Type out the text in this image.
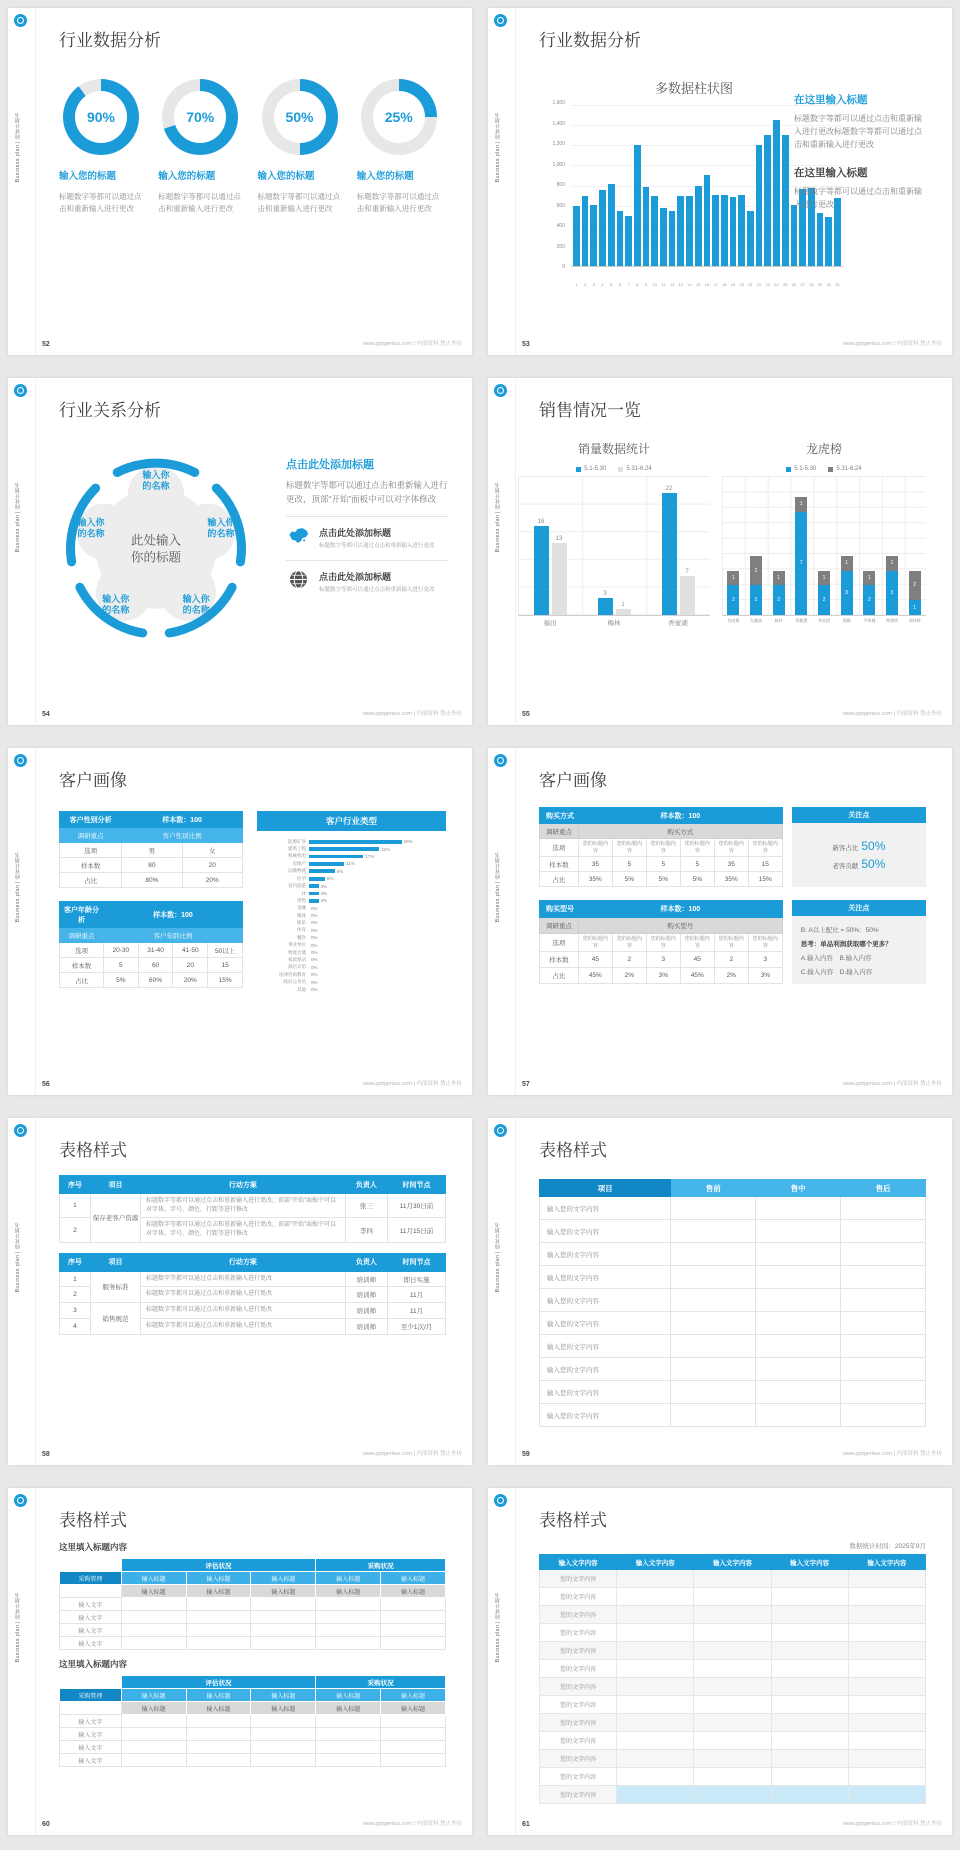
行业数据分析
90%
输入您的标题
标题数字等都可以通过点击和重新输入进行更改
70%
输入您的标题
标题数字等都可以通过点击和重新输入进行更改
50%
输入您的标题
标题数字等都可以通过点击和重新输入进行更改
25%
输入您的标题
标题数字等都可以通过点击和重新输入进行更改
Business plan | 商业计划书
52	www.pptgenius.com | 内部资料 禁止外传
行业数据分析
多数据柱状图
1,600
1,400
1,200
1,000
800
600
400
200
0
1	2	3	4	5	6	7	8	9	10	11	12 13 14 15 16 17 18 19 20 21 22 23 24 25 26 27 28 29 30 31
在这里输入标题

标题数字等都可以通过点击和重新输入进行更改标题数字等都可以通过点击和重新输入进行更改

在这里输入标题

标题数字等都可以通过点击和重新输入进行更改

Business plan | 商业计划书
53	www.pptgenius.com | 内部资料 禁止外传
行业关系分析
此处输入
你的标题
输入你
的名称
输入你
的名称
输入你
的名称
输入你
的名称
输入你
的名称
点击此处添加标题

标题数字等都可以通过点击和重新输入进行更改，顶部“开始”面板中可以对字体修改

点击此处添加标题
标题数字等都可以通过点击和重新输入进行更改
点击此处添加标题
标题数字等都可以通过点击和重新输入进行更改
Business plan | 商业计划书
54	www.pptgenius.com | 内部资料 禁止外传
销售情况一览
销量数据统计
5.1-5.30	5.31-6.24
16
13
3
1
22
7
福田	梅林	香蜜湖
龙虎榜
5.1-5.30	5.31-6.24
2
1
2
2
2
1
7
1
2
1
3
1
2
1
3
1
1
2
付向翔	左湘南	陈玲	蔡新慧	李业团	葛梅	尹华城	钟建明	周伟华
Business plan | 商业计划书
55	www.pptgenius.com | 内部资料 禁止外传
客户画像
客户性别分析	样本数：100	
调研重点	客户性别比例	
选项	男	女
样本数	80	20
占比	80%	20%
客户年龄分析	样本数：100			
调研重点	客户年龄比例			
选项	20-30	31-40	41-50	50以上
样本数	5	60	20	15
占比	5%	60%	20%	15%
客户行业类型
能源矿业	29%
建筑工程	22%
机械机电	17%
房地产	11%
运输物流	8%
医学	5%
省内旅游	3%
IT	3%
零售	3%
金融	0%
媒体	0%
娱乐	0%
体育	0%
餐饮	0%
事业单位	0%
物流仓储	0%
家政保洁	0%
酒店宾馆	0%
法律咨询教育	0%
政府公务员	0%
其他	0%
Business plan | 商业计划书
56	www.pptgenius.com | 内部资料 禁止外传
客户画像
购买方式	样本数：100					
调研重点	购买方式					
选项	您的标题内容	您的标题内容	您的标题内容	您的标题内容	您的标题内容	您的标题内容
样本数	35	5	5	5	35	15
占比	35%	5%	5%	5%	35%	15%
关注点
新客占比 50%
老客贡献 50%
购买型号	样本数：100					
调研重点	购买型号					
选项	您的标题内容	您的标题内容	您的标题内容	您的标题内容	您的标题内容	您的标题内容
样本数	45	2	3	45	2	3
占比	45%	2%	3%	45%	2%	3%
关注点
B: A以上配比 = 50%：50%
思考：单品利润获取哪个更多？
A.输入内容　B.输入内容
C.输入内容　D.输入内容
Business plan | 商业计划书
57	www.pptgenius.com | 内部资料 禁止外传
表格样式
序号	项目	行动方案	负责人	时间节点
1	保存老客户资源	标题数字等都可以通过点击和重新输入进行更改，顶部“开始”面板中可以对字体、字号、颜色、行距等进行修改	张三	11月30日前
2		标题数字等都可以通过点击和重新输入进行更改，顶部“开始”面板中可以对字体、字号、颜色、行距等进行修改	李四	11月15日前
序号	项目	行动方案	负责人	时间节点
1	服务标准	标题数字等都可以通过点击和重新输入进行更改	培训师	即日实施
2		标题数字等都可以通过点击和重新输入进行更改	培训师	11月
3	销售规范	标题数字等都可以通过点击和重新输入进行更改	培训师	11月
4		标题数字等都可以通过点击和重新输入进行更改	培训师	至少1次/月
Business plan | 商业计划书
58	www.pptgenius.com | 内部资料 禁止外传
表格样式
项目	售前	售中	售后
输入您的文字内容			
输入您的文字内容			
输入您的文字内容			
输入您的文字内容			
输入您的文字内容			
输入您的文字内容			
输入您的文字内容			
输入您的文字内容			
输入您的文字内容			
输入您的文字内容			
Business plan | 商业计划书
59	www.pptgenius.com | 内部资料 禁止外传
表格样式
这里填入标题内容
	评估状况			采购状况	
采购管理	输入标题	输入标题	输入标题	输入标题	输入标题
	输入标题	输入标题	输入标题	输入标题	输入标题
输入文字					
输入文字					
输入文字					
输入文字					
这里填入标题内容
	评估状况			采购状况	
采购管理	输入标题	输入标题	输入标题	输入标题	输入标题
	输入标题	输入标题	输入标题	输入标题	输入标题
输入文字					
输入文字					
输入文字					
输入文字					
Business plan | 商业计划书
60	www.pptgenius.com | 内部资料 禁止外传
表格样式
数据统计时间：2025年9月
输入文字内容	输入文字内容	输入文字内容	输入文字内容	输入文字内容
您的文字内容				
您的文字内容				
您的文字内容				
您的文字内容				
您的文字内容				
您的文字内容				
您的文字内容				
您的文字内容				
您的文字内容				
您的文字内容				
您的文字内容				
您的文字内容				
您的文字内容				
Business plan | 商业计划书
61	www.pptgenius.com | 内部资料 禁止外传
